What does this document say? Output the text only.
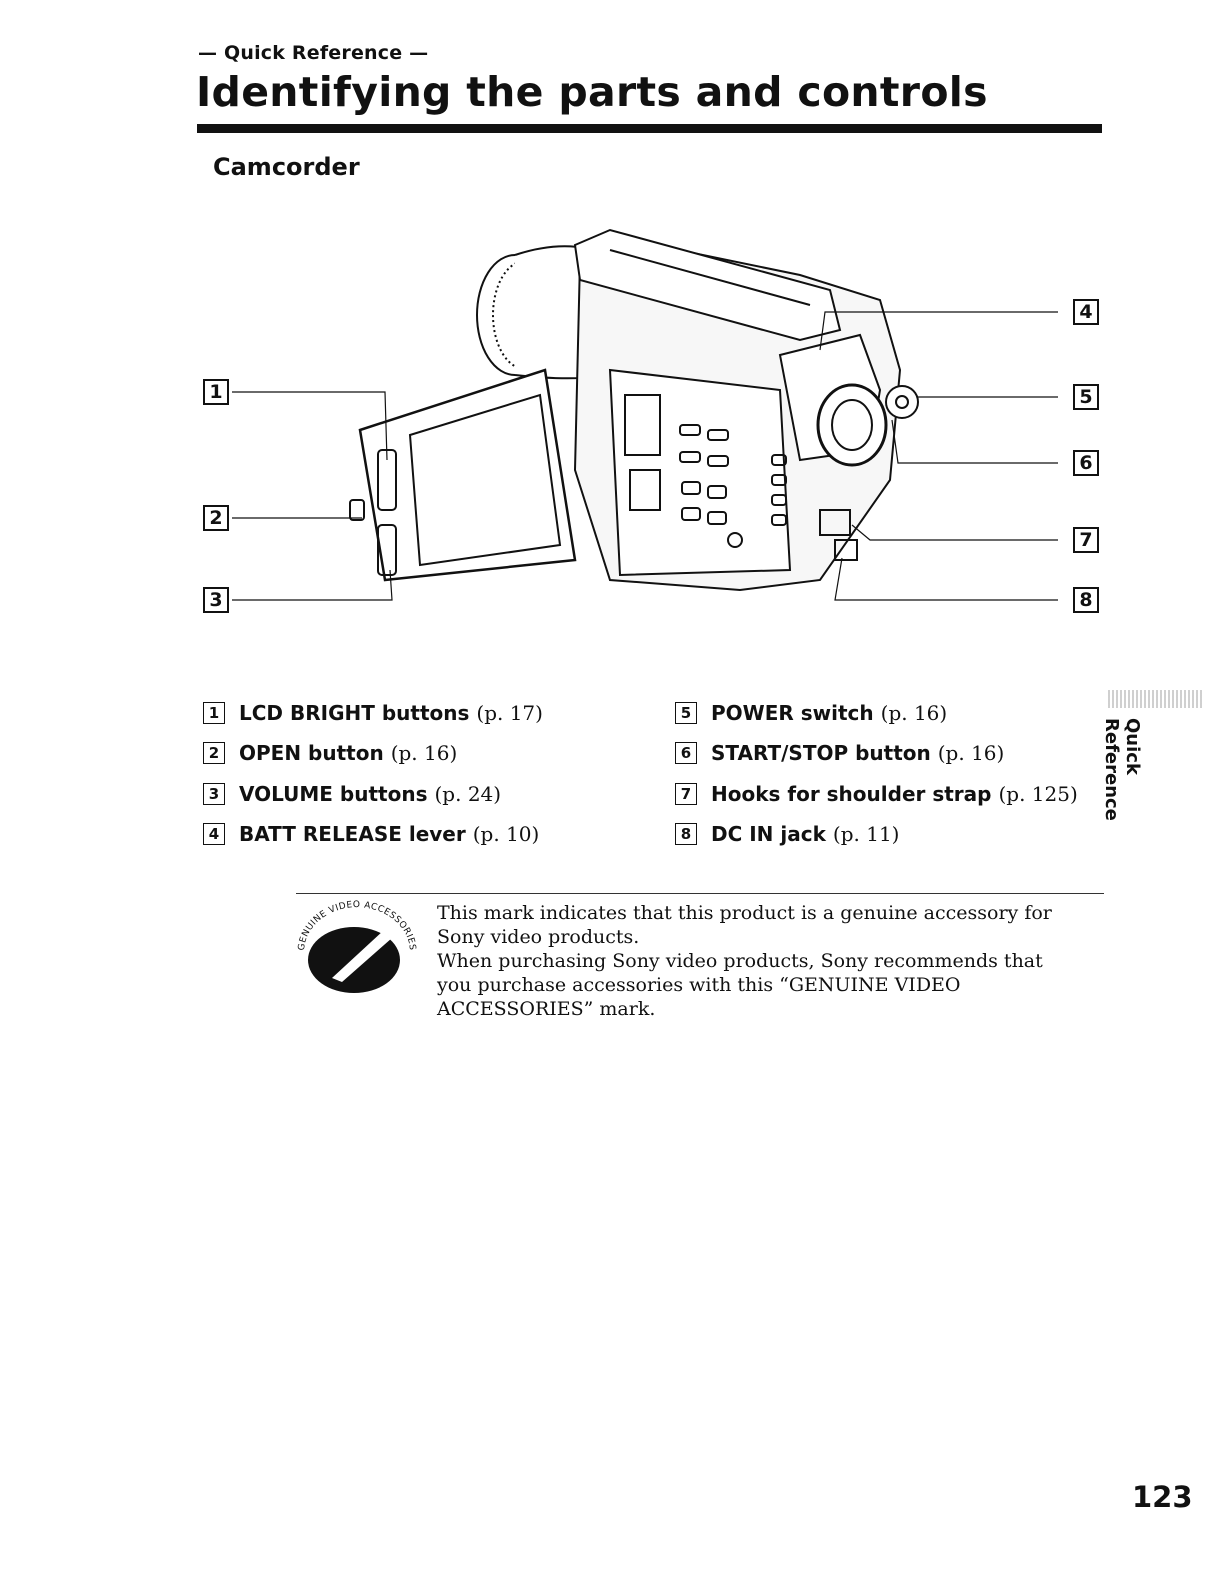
— Quick Reference —
Identifying the parts and controls
Camcorder
1
2
3
4
5
6
7
8
1 LCD BRIGHT buttons (p. 17)
2 OPEN button (p. 16)
3 VOLUME buttons (p. 24)
4 BATT RELEASE lever (p. 10)
5 POWER switch (p. 16)
6 START/STOP button (p. 16)
7 Hooks for shoulder strap (p. 125)
8 DC IN jack (p. 11)
Quick Reference
GENUINE VIDEO ACCESSORIES

This mark indicates that this product is a genuine accessory for Sony video products.

When purchasing Sony video products, Sony recommends that you purchase accessories with this “GENUINE VIDEO ACCESSORIES” mark.

123
